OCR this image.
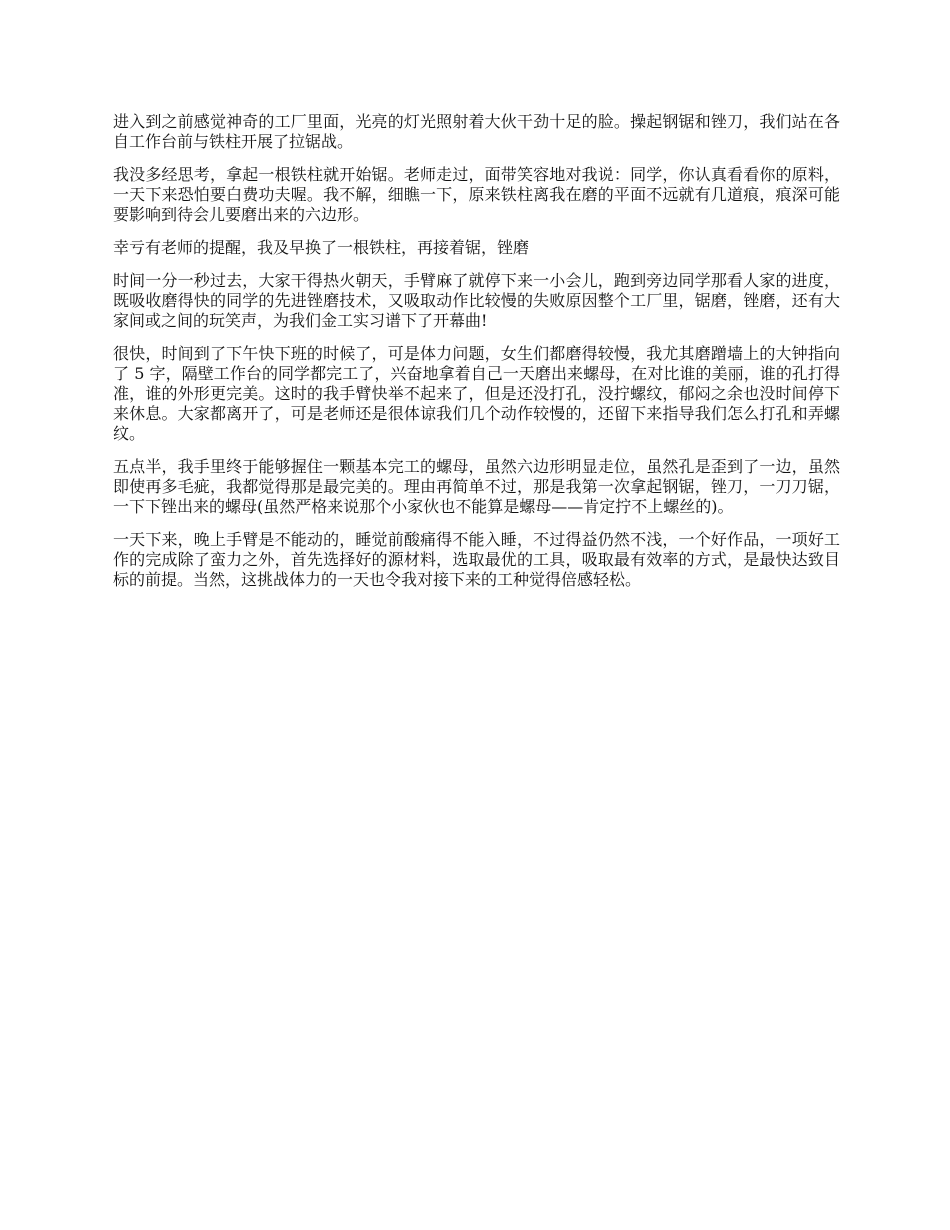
进入到之前感觉神奇的工厂里面，光亮的灯光照射着大伙干劲十足的脸。操起钢锯和锉刀，我们站在各自工作台前与铁柱开展了拉锯战。

我没多经思考，拿起一根铁柱就开始锯。老师走过，面带笑容地对我说：同学，你认真看看你的原料，一天下来恐怕要白费功夫喔。我不解，细瞧一下，原来铁柱离我在磨的平面不远就有几道痕，痕深可能要影响到待会儿要磨出来的六边形。

幸亏有老师的提醒，我及早换了一根铁柱，再接着锯，锉磨

时间一分一秒过去，大家干得热火朝天，手臂麻了就停下来一小会儿，跑到旁边同学那看人家的进度，既吸收磨得快的同学的先进锉磨技术，又吸取动作比较慢的失败原因整个工厂里，锯磨，锉磨，还有大家间或之间的玩笑声，为我们金工实习谱下了开幕曲!

很快，时间到了下午快下班的时候了，可是体力问题，女生们都磨得较慢，我尤其磨蹭墙上的大钟指向了 5 字，隔壁工作台的同学都完工了，兴奋地拿着自己一天磨出来螺母，在对比谁的美丽，谁的孔打得准，谁的外形更完美。这时的我手臂快举不起来了，但是还没打孔，没拧螺纹，郁闷之余也没时间停下来休息。大家都离开了，可是老师还是很体谅我们几个动作较慢的，还留下来指导我们怎么打孔和弄螺纹。

五点半，我手里终于能够握住一颗基本完工的螺母，虽然六边形明显走位，虽然孔是歪到了一边，虽然即使再多毛疵，我都觉得那是最完美的。理由再简单不过，那是我第一次拿起钢锯，锉刀，一刀刀锯，一下下锉出来的螺母(虽然严格来说那个小家伙也不能算是螺母——肯定拧不上螺丝的)。

一天下来，晚上手臂是不能动的，睡觉前酸痛得不能入睡，不过得益仍然不浅，一个好作品，一项好工作的完成除了蛮力之外，首先选择好的源材料，选取最优的工具，吸取最有效率的方式，是最快达致目标的前提。当然，这挑战体力的一天也令我对接下来的工种觉得倍感轻松。
